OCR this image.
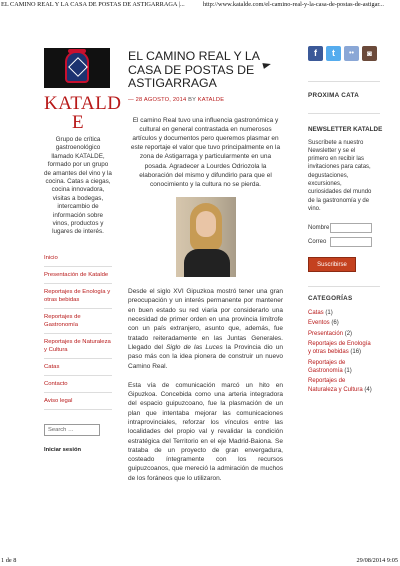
EL CAMINO REAL Y LA CASA DE POSTAS DE ASTIGARRAGA |...	http://www.katalde.com/el-camino-real-y-la-casa-de-postas-de-astigar...
KATALD
E
Grupo de crítica gastroenológico llamado KATALDE, formado por un grupo de amantes del vino y la cocina. Catas a ciegas, cocina innovadora, visitas a bodegas, intercambio de información sobre vinos, productos y lugares de interés.
Inicio
Presentación de Katalde
Reportajes de Enología y otras bebidas
Reportajes de Gastronomía
Reportajes de Naturaleza y Cultura
Catas
Contacto
Aviso legal
Search …
Iniciar sesión
EL CAMINO REAL Y LA CASA DE POSTAS DE ASTIGARRAGA
— 28 AGOSTO, 2014 BY KATALDE

El camino Real tuvo una influencia gastronómica y cultural en general contrastada en numerosos artículos y documentos pero queremos plasmar en este reportaje el valor que tuvo principalmente en la zona de Astigarraga y particularmente en una posada. Agradecer a Lourdes Odriozola la elaboración del mismo y difundirlo para que el conocimiento y la cultura no se pierda.

Desde el siglo XVI Gipuzkoa mostró tener una gran preocupación y un interés permanente por mantener en buen estado su red viaria por considerarlo una necesidad de primer orden en una provincia limítrofe con un país extranjero, asunto que, además, fue tratado reiteradamente en las Juntas Generales. Llegado del Siglo de las Luces la Provincia dio un paso más con la idea pionera de construir un nuevo Camino Real.

Esta vía de comunicación marcó un hito en Gipuzkoa. Concebida como una arteria integradora del espacio guipuzcoano, fue la plasmación de un plan que intentaba mejorar las comunicaciones intraprovinciales, reforzar los vínculos entre las localidades del propio val y revalidar la condición estratégica del Territorio en el eje Madrid-Baiona. Se trataba de un proyecto de gran envergadura, costeado íntegramente con los recursos guipuzcoanos, que mereció la admiración de muchos de los foráneos que lo utilizaron.

f	t	••	◙
PROXIMA CATA
NEWSLETTER KATALDE
Suscríbete a nuestro Newsletter y se el primero en recibir las invitaciones para catas, degustaciones, excursiones, curiosidades del mundo de la gastronomía y de vino.
Nombre
Correo
Suscribirse
CATEGORÍAS
Catas (1)
Eventos (6)
Presentación (2)
Reportajes de Enología y otras bebidas (16)
Reportajes de Gastronomía (1)
Reportajes de Naturaleza y Cultura (4)
1 de 8	29/08/2014 9:05
